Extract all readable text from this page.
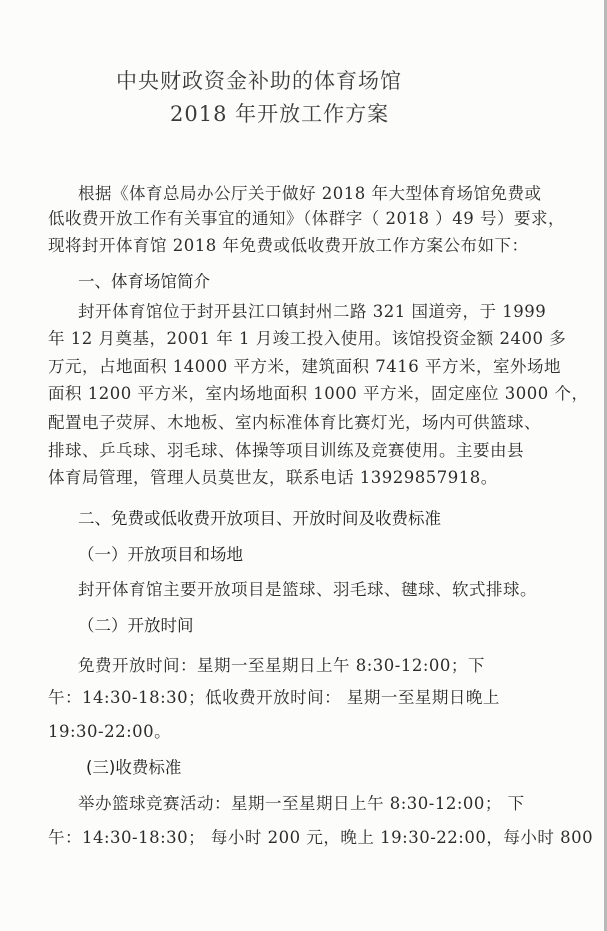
中央财政资金补助的体育场馆
2018 年开放工作方案
根据《体育总局办公厅关于做好 2018 年大型体育场馆免费或
低收费开放工作有关事宜的通知》（体群字（ 2018 ）49 号）要求，
现将封开体育馆 2018 年免费或低收费开放工作方案公布如下：
一、体育场馆简介
封开体育馆位于封开县江口镇封州二路 321 国道旁，于 1999
年 12 月奠基，2001 年 1 月竣工投入使用。该馆投资金额 2400 多
万元，占地面积 14000 平方米，建筑面积 7416 平方米，室外场地
面积 1200 平方米，室内场地面积 1000 平方米，固定座位 3000 个，
配置电子荧屏、木地板、室内标准体育比赛灯光，场内可供篮球、
排球、乒乓球、羽毛球、体操等项目训练及竞赛使用。主要由县
体育局管理，管理人员莫世友，联系电话 13929857918。
二、免费或低收费开放项目、开放时间及收费标准
（一）开放项目和场地
封开体育馆主要开放项目是篮球、羽毛球、毽球、软式排球。
（二）开放时间
免费开放时间：星期一至星期日上午 8:30-12:00；下
午：14:30-18:30；低收费开放时间： 星期一至星期日晚上
19:30-22:00。
(三)收费标准
举办篮球竞赛活动：星期一至星期日上午 8:30-12:00； 下
午：14:30-18:30； 每小时 200 元，晚上 19:30-22:00，每小时 800
